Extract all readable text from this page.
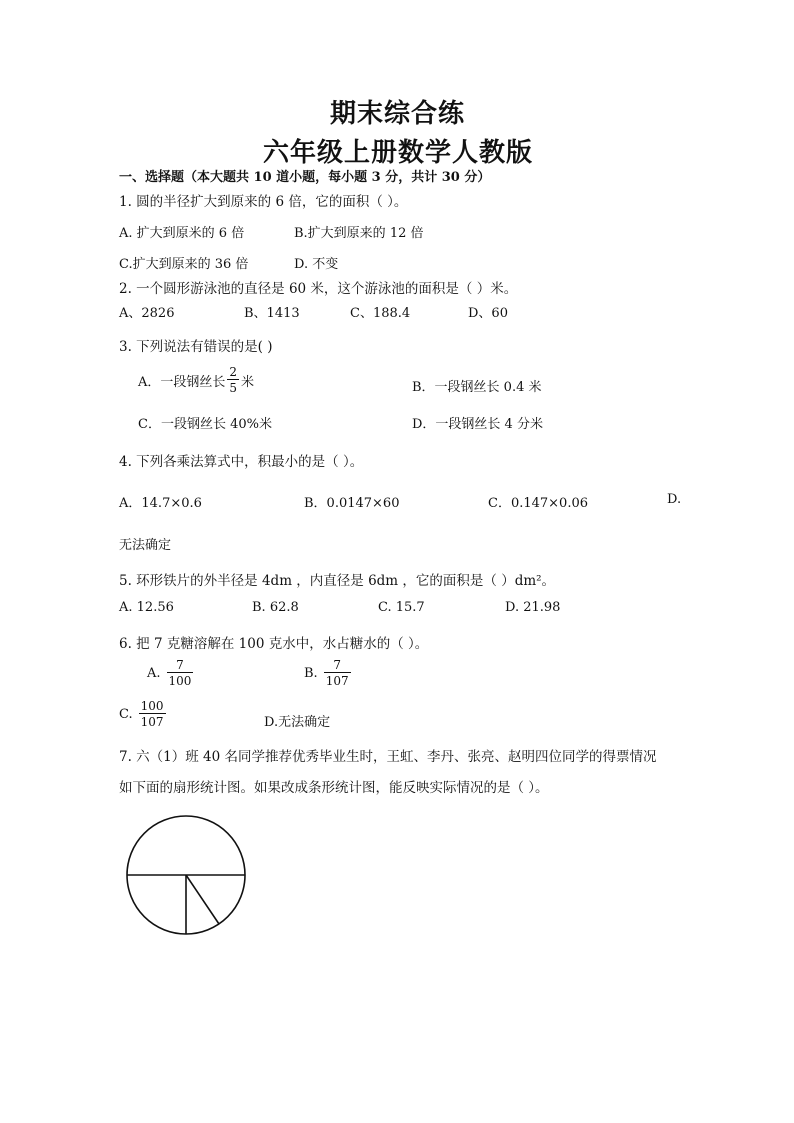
期末综合练
六年级上册数学人教版
一、选择题（本大题共 10 道小题，每小题 3 分，共计 30 分）
1. 圆的半径扩大到原来的 6 倍，它的面积（ ）。
A. 扩大到原米的 6 倍	B.扩大到原来的 12 倍
C.扩大到原来的 36 倍	D. 不变
2. 一个圆形游泳池的直径是 60 米，这个游泳池的面积是（ ）米。
A、2826	B、1413	C、188.4	D、60
3. 下列说法有错误的是( )
A．一段钢丝长 $\frac{2}{5}$ 米	B．一段钢丝长 0.4 米
C．一段钢丝长 40%米	D．一段钢丝长 4 分米
4. 下列各乘法算式中，积最小的是（ ）。
A．14.7×0.6	B．0.0147×60	C．0.147×0.06	D.
无法确定
5. 环形铁片的外半径是 4dm ，内直径是 6dm ，它的面积是（ ）dm²。
A. 12.56	B. 62.8	C. 15.7	D. 21.98
6. 把 7 克糖溶解在 100 克水中，水占糖水的（ ）。
A. $\frac{7}{100}$	B. $\frac{7}{107}$
C. $\frac{100}{107}$	D.无法确定
7. 六（1）班 40 名同学推荐优秀毕业生时，王虹、李丹、张亮、赵明四位同学的得票情况
如下面的扇形统计图。如果改成条形统计图，能反映实际情况的是（ ）。
